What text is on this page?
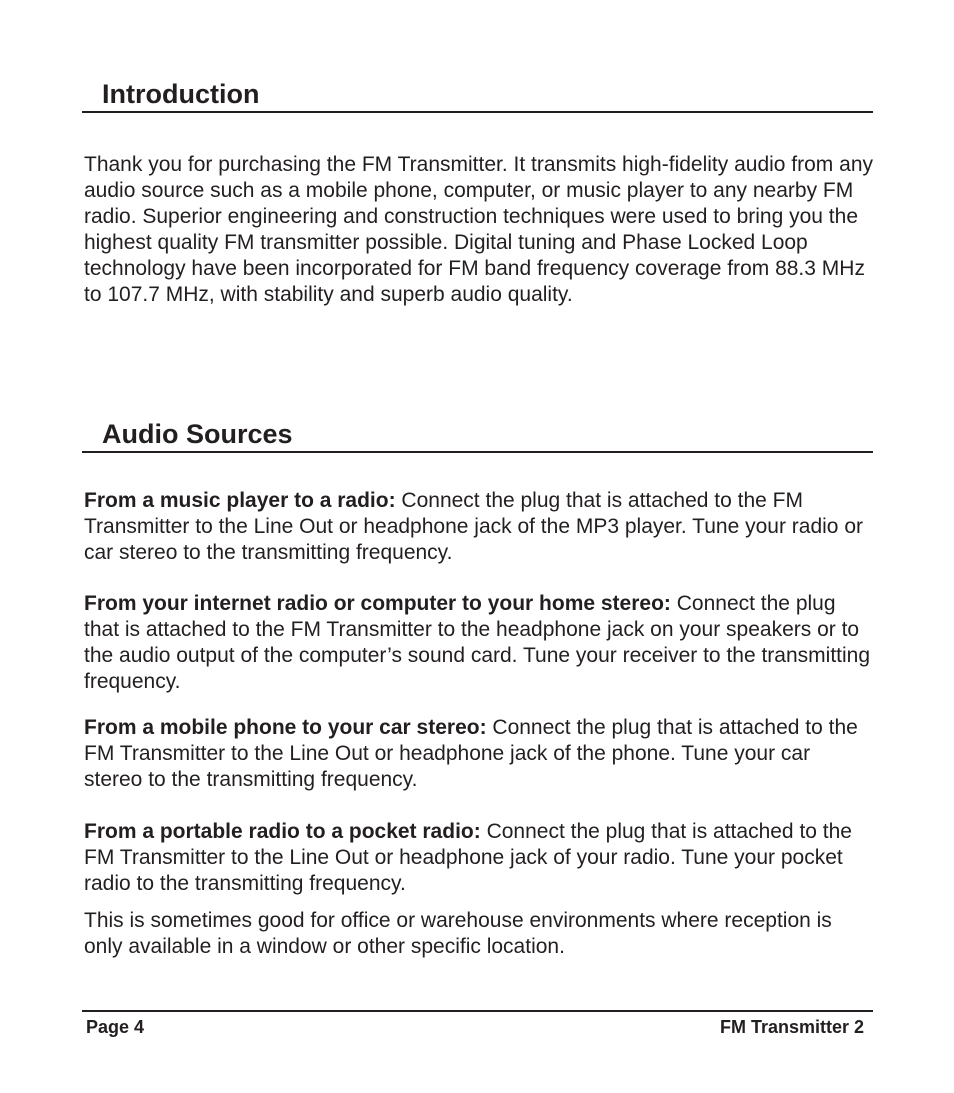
Introduction

Thank you for purchasing the FM Transmitter. It transmits high-fidelity audio from any audio source such as a mobile phone, computer, or music player to any nearby FM radio. Superior engineering and construction techniques were used to bring you the highest quality FM transmitter possible. Digital tuning and Phase Locked Loop technology have been incorporated for FM band frequency coverage from 88.3 MHz to 107.7 MHz, with stability and superb audio quality.

Audio Sources

From a music player to a radio: Connect the plug that is attached to the FM Transmitter to the Line Out or headphone jack of the MP3 player. Tune your radio or car stereo to the transmitting frequency.

From your internet radio or computer to your home stereo: Connect the plug that is attached to the FM Transmitter to the headphone jack on your speakers or to the audio output of the computer’s sound card. Tune your receiver to the transmitting frequency.

From a mobile phone to your car stereo: Connect the plug that is attached to the FM Transmitter to the Line Out or headphone jack of the phone. Tune your car stereo to the transmitting frequency.

From a portable radio to a pocket radio: Connect the plug that is attached to the FM Transmitter to the Line Out or headphone jack of your radio. Tune your pocket radio to the transmitting frequency.

This is sometimes good for office or warehouse environments where reception is only available in a window or other specific location.

Page 4	FM Transmitter 2
